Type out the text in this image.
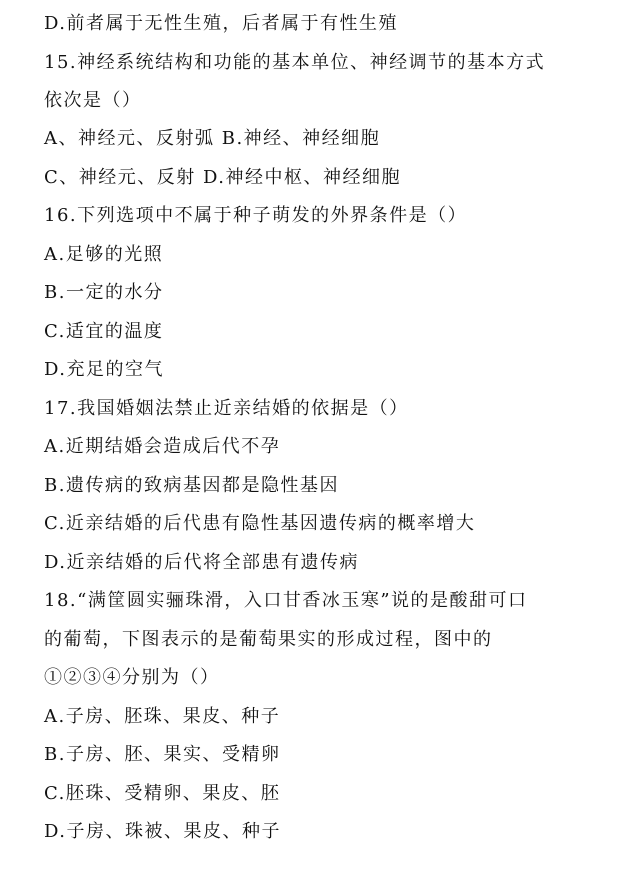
D.前者属于无性生殖，后者属于有性生殖
15.神经系统结构和功能的基本单位、神经调节的基本方式
依次是（）
A、神经元、反射弧 B.神经、神经细胞
C、神经元、反射 D.神经中枢、神经细胞
16.下列选项中不属于种子萌发的外界条件是（）
A.足够的光照
B.一定的水分
C.适宜的温度
D.充足的空气
17.我国婚姻法禁止近亲结婚的依据是（）
A.近期结婚会造成后代不孕
B.遗传病的致病基因都是隐性基因
C.近亲结婚的后代患有隐性基因遗传病的概率增大
D.近亲结婚的后代将全部患有遗传病
18.“满筐圆实骊珠滑，入口甘香冰玉寒”说的是酸甜可口
的葡萄，下图表示的是葡萄果实的形成过程，图中的
①②③④分别为（）
A.子房、胚珠、果皮、种子
B.子房、胚、果实、受精卵
C.胚珠、受精卵、果皮、胚
D.子房、珠被、果皮、种子
